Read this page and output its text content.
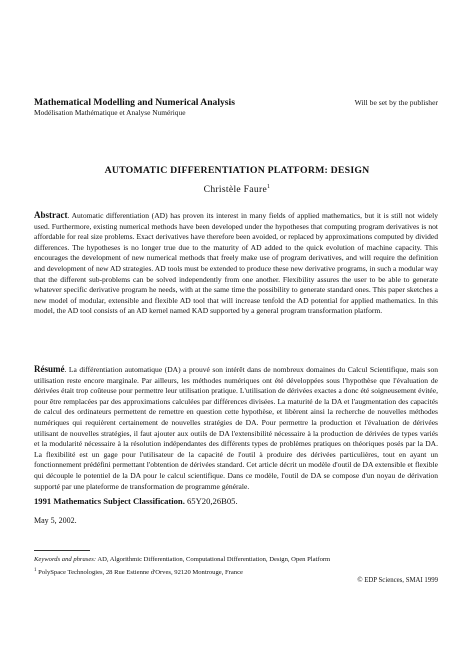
Mathematical Modelling and Numerical Analysis
Modélisation Mathématique et Analyse Numérique
Will be set by the publisher
AUTOMATIC DIFFERENTIATION PLATFORM: DESIGN
Christèle Faure$^1$
Abstract. Automatic differentiation (AD) has proven its interest in many fields of applied mathematics, but it is still not widely used. Furthermore, existing numerical methods have been developed under the hypotheses that computing program derivatives is not affordable for real size problems. Exact derivatives have therefore been avoided, or replaced by approximations computed by divided differences. The hypotheses is no longer true due to the maturity of AD added to the quick evolution of machine capacity. This encourages the development of new numerical methods that freely make use of program derivatives, and will require the definition and development of new AD strategies. AD tools must be extended to produce these new derivative programs, in such a modular way that the different sub-problems can be solved independently from one another. Flexibility assures the user to be able to generate whatever specific derivative program he needs, with at the same time the possibility to generate standard ones. This paper sketches a new model of modular, extensible and flexible AD tool that will increase tenfold the AD potential for applied mathematics. In this model, the AD tool consists of an AD kernel named KAD supported by a general program transformation platform.
Résumé. La différentiation automatique (DA) a prouvé son intérêt dans de nombreux domaines du Calcul Scientifique, mais son utilisation reste encore marginale. Par ailleurs, les méthodes numériques ont été développées sous l'hypothèse que l'évaluation de dérivées était trop coûteuse pour permettre leur utilisation pratique. L'utilisation de dérivées exactes a donc été soigneusement évitée, pour être remplacées par des approximations calculées par différences divisées. La maturité de la DA et l'augmentation des capacités de calcul des ordinateurs permettent de remettre en question cette hypothèse, et libèrent ainsi la recherche de nouvelles méthodes numériques qui requièrent certainement de nouvelles stratégies de DA. Pour permettre la production et l'évaluation de dérivées utilisant de nouvelles stratégies, il faut ajouter aux outils de DA l'extensibilité nécessaire à la production de dérivées de types variés et la modularité nécessaire à la résolution indépendantes des différents types de problèmes pratiques on théoriques posés par la DA. La flexibilité est un gage pour l'utilisateur de la capacité de l'outil à produire des dérivées particulières, tout en ayant un fonctionnement prédéfini permettant l'obtention de dérivées standard. Cet article décrit un modèle d'outil de DA extensible et flexible qui découple le potentiel de la DA pour le calcul scientifique. Dans ce modèle, l'outil de DA se compose d'un noyau de dérivation supporté par une plateforme de transformation de programme générale.
1991 Mathematics Subject Classification. 65Y20,26B05.
May 5, 2002.
Keywords and phrases: AD, Algorithmic Differentiation, Computational Differentiation, Design, Open Platform
$^1$ PolySpace Technologies, 28 Rue Estienne d'Orves, 92120 Montrouge, France
© EDP Sciences, SMAI 1999
